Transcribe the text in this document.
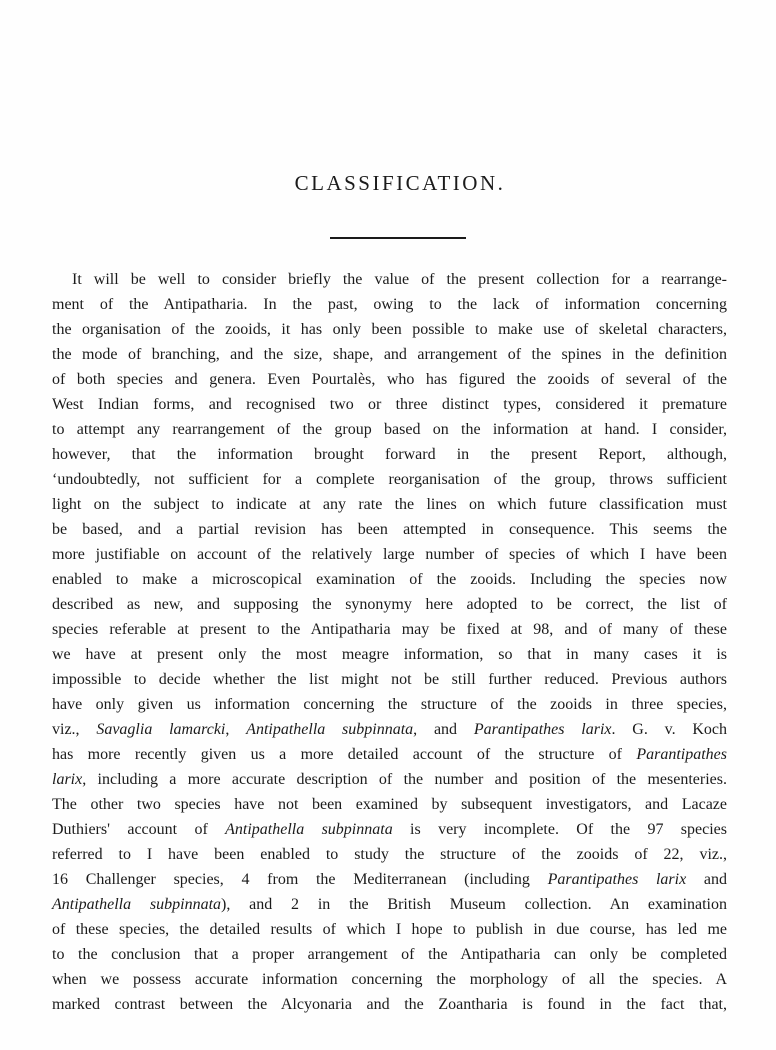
CLASSIFICATION.
It will be well to consider briefly the value of the present collection for a rearrange-
ment of the Antipatharia. In the past, owing to the lack of information concerning
the organisation of the zooids, it has only been possible to make use of skeletal characters,
the mode of branching, and the size, shape, and arrangement of the spines in the definition
of both species and genera. Even Pourtalès, who has figured the zooids of several of the
West Indian forms, and recognised two or three distinct types, considered it premature
to attempt any rearrangement of the group based on the information at hand. I consider,
however, that the information brought forward in the present Report, although,
‘undoubtedly, not sufficient for a complete reorganisation of the group, throws sufficient
light on the subject to indicate at any rate the lines on which future classification must
be based, and a partial revision has been attempted in consequence. This seems the
more justifiable on account of the relatively large number of species of which I have been
enabled to make a microscopical examination of the zooids. Including the species now
described as new, and supposing the synonymy here adopted to be correct, the list of
species referable at present to the Antipatharia may be fixed at 98, and of many of these
we have at present only the most meagre information, so that in many cases it is
impossible to decide whether the list might not be still further reduced. Previous authors
have only given us information concerning the structure of the zooids in three species,
viz., Savaglia lamarcki, Antipathella subpinnata, and Parantipathes larix. G. v. Koch
has more recently given us a more detailed account of the structure of Parantipathes
larix, including a more accurate description of the number and position of the mesenteries.
The other two species have not been examined by subsequent investigators, and Lacaze
Duthiers' account of Antipathella subpinnata is very incomplete. Of the 97 species
referred to I have been enabled to study the structure of the zooids of 22, viz.,
16 Challenger species, 4 from the Mediterranean (including Parantipathes larix and
Antipathella subpinnata), and 2 in the British Museum collection. An examination
of these species, the detailed results of which I hope to publish in due course, has led me
to the conclusion that a proper arrangement of the Antipatharia can only be completed
when we possess accurate information concerning the morphology of all the species. A
marked contrast between the Alcyonaria and the Zoantharia is found in the fact that,
